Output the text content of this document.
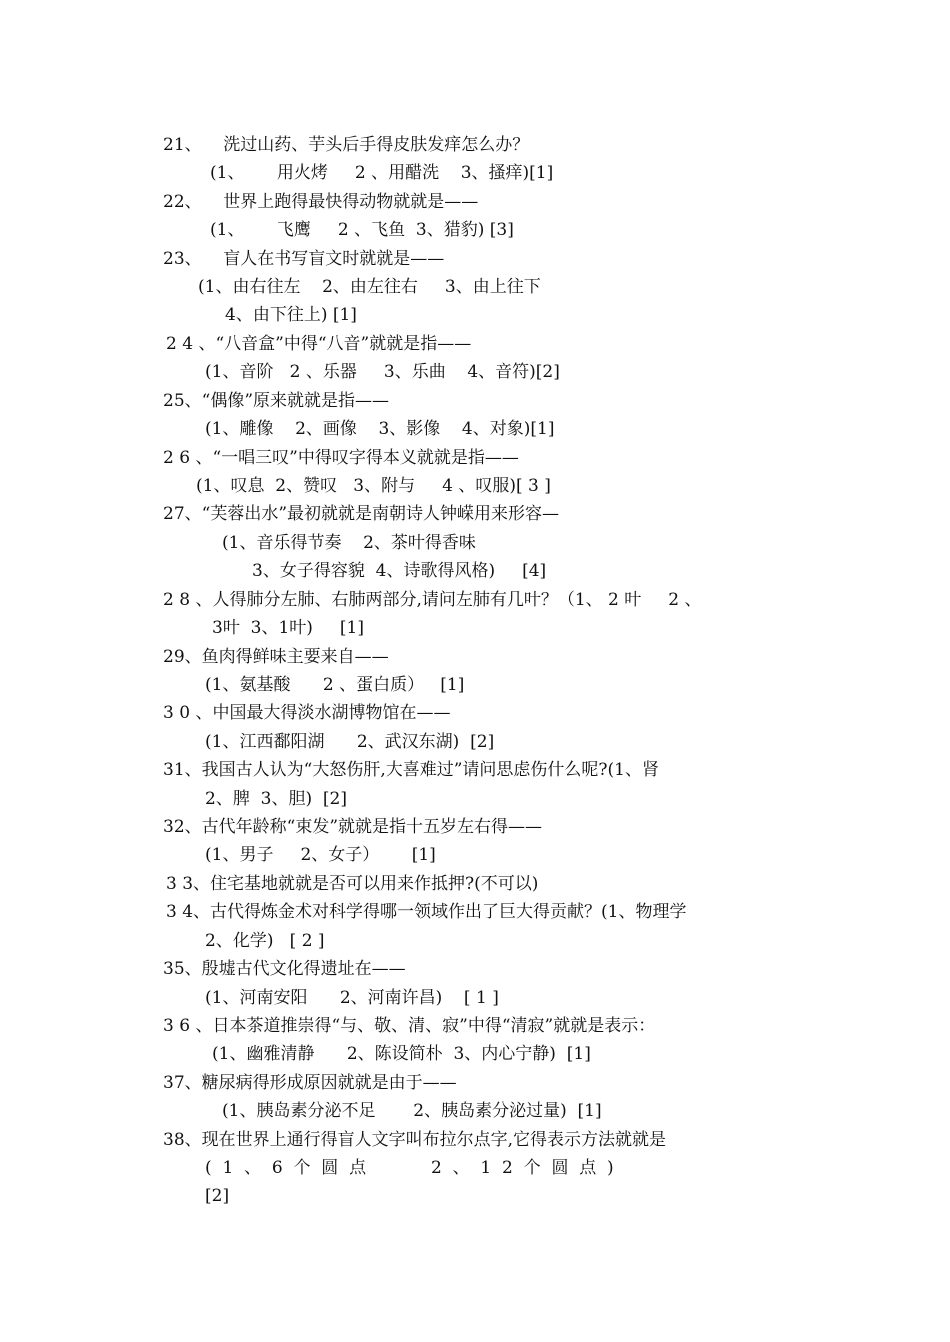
21、    洗过山药、芋头后手得皮肤发痒怎么办？
(1、      用火烤     2 、用醋洗    3、搔痒)[1]
22、    世界上跑得最快得动物就就是——
(1、      飞鹰     2 、飞鱼  3、猎豹) [3]
23、    盲人在书写盲文时就就是——
(1、由右往左    2、由左往右     3、由上往下
4、由下往上) [1]
2 4 、“八音盒”中得“八音”就就是指——
(1、音阶   2 、乐器     3、乐曲    4、音符)[2]
25、“偶像”原来就就是指——
(1、雕像    2、画像    3、影像    4、对象)[1]
2 6 、“一唱三叹”中得叹字得本义就就是指——
(1、叹息  2、赞叹   3、附与     4 、叹服)[ 3 ]
27、“芙蓉出水”最初就就是南朝诗人钟嵘用来形容—
(1、音乐得节奏    2、茶叶得香味
3、女子得容貌  4、诗歌得风格)     [4]
2 8 、人得肺分左肺、右肺两部分,请问左肺有几叶？（1、 2 叶     2 、
3叶  3、1叶)     [1]
29、鱼肉得鲜味主要来自——
(1、氨基酸      2 、蛋白质）   [1]
3 0 、中国最大得淡水湖博物馆在——
(1、江西鄱阳湖      2、武汉东湖)  [2]
31、我国古人认为“大怒伤肝,大喜难过”请问思虑伤什么呢?(1、肾
2、脾  3、胆)  [2]
32、古代年龄称“束发”就就是指十五岁左右得——
(1、男子     2、女子）      [1]
3 3、住宅基地就就是否可以用来作抵押?(不可以)
3 4、古代得炼金术对科学得哪一领域作出了巨大得贡献？(1、物理学
2、化学)   [ 2 ]
35、殷墟古代文化得遗址在——
(1、河南安阳      2、河南许昌)    [ 1 ]
3 6 、日本茶道推崇得“与、敬、清、寂”中得“清寂”就就是表示：
(1、幽雅清静      2、陈设简朴  3、内心宁静)  [1]
37、糖尿病得形成原因就就是由于——
(1、胰岛素分泌不足       2、胰岛素分泌过量)  [1]
38、现在世界上通行得盲人文字叫布拉尔点字,它得表示方法就就是
(  1  、  6  个  圆  点            2  、  1  2  个  圆  点  )
[2]
